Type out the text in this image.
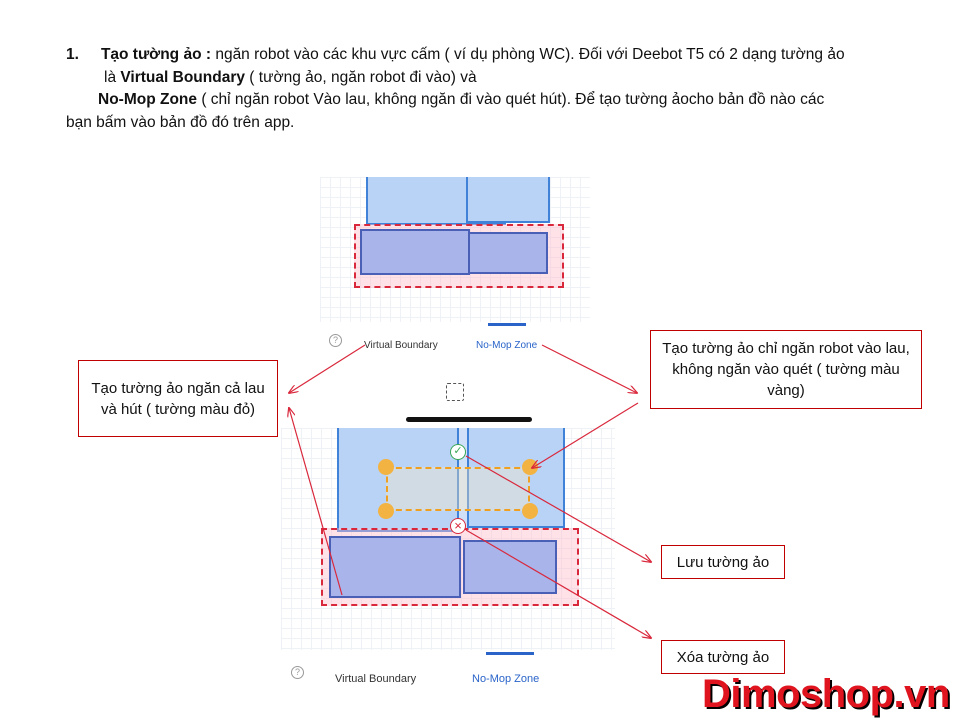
1. Tạo tường ảo : ngăn robot vào các khu vực cấm ( ví dụ phòng WC). Đối với Deebot T5 có 2 dạng tường ảo
là Virtual Boundary ( tường ảo, ngăn robot đi vào) và
No-Mop Zone ( chỉ ngăn robot Vào lau, không ngăn đi vào quét hút). Để tạo tường ảocho bản đồ nào các
bạn bấm vào bản đồ đó trên app.
?	Virtual Boundary	No-Mop Zone
✓
×
?
Virtual Boundary	No-Mop Zone
Tạo tường ảo ngăn cả lau và hút ( tường màu đỏ)
Tạo tường ảo chỉ ngăn robot vào lau, không ngăn vào quét ( tường màu vàng)
Lưu tường ảo
Xóa tường ảo
Dimoshop.vn
